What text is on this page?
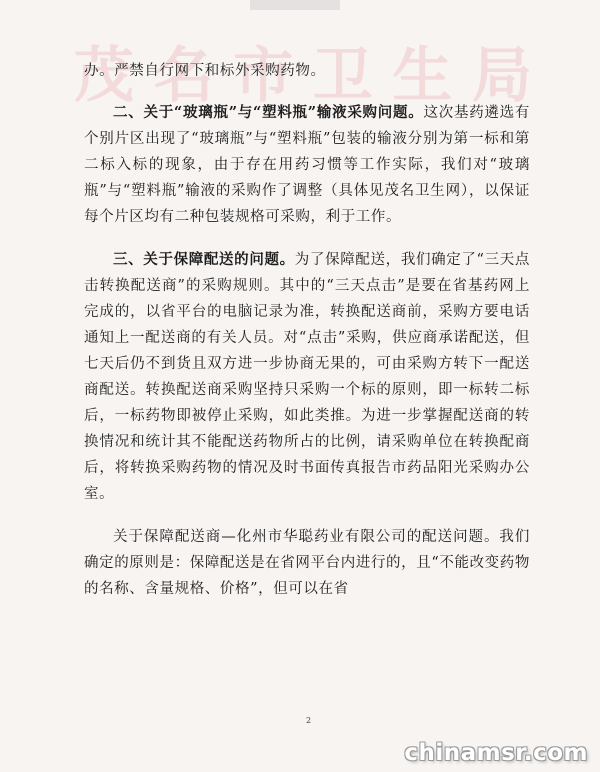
茂 名 市 卫 生 局

办。严禁自行网下和标外采购药物。

二、关于“玻璃瓶”与“塑料瓶”输液采购问题。这次基药遴选有个别片区出现了“玻璃瓶”与“塑料瓶”包装的输液分别为第一标和第二标入标的现象，由于存在用药习惯等工作实际，我们对“玻璃瓶”与“塑料瓶”输液的采购作了调整（具体见茂名卫生网），以保证每个片区均有二种包装规格可采购，利于工作。

三、关于保障配送的问题。为了保障配送，我们确定了“三天点击转换配送商”的采购规则。其中的“三天点击”是要在省基药网上完成的，以省平台的电脑记录为准，转换配送商前，采购方要电话通知上一配送商的有关人员。对“点击”采购，供应商承诺配送，但七天后仍不到货且双方进一步协商无果的，可由采购方转下一配送商配送。转换配送商采购坚持只采购一个标的原则，即一标转二标后，一标药物即被停止采购，如此类推。为进一步掌握配送商的转换情况和统计其不能配送药物所占的比例，请采购单位在转换配商后，将转换采购药物的情况及时书面传真报告市药品阳光采购办公室。

关于保障配送商—化州市华聪药业有限公司的配送问题。我们确定的原则是：保障配送是在省网平台内进行的，且“不能改变药物的名称、含量规格、价格”，但可以在省

2
chinamsr.com
